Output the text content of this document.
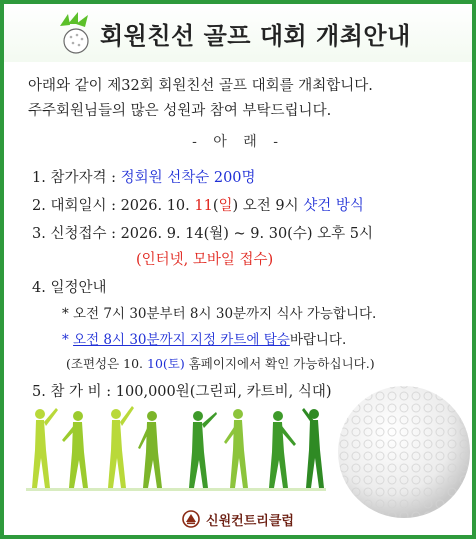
회원친선 골프 대회 개최안내
아래와 같이 제32회 회원친선 골프 대회를 개최합니다.
주주회원님들의 많은 성원과 참여 부탁드립니다.
- 아 래 -
1. 참가자격 : 정회원 선착순 200명
2. 대회일시 : 2026. 10. 11(일) 오전 9시 샷건 방식
3. 신청접수 : 2026. 9. 14(월) ~ 9. 30(수) 오후 5시
(인터넷, 모바일 접수)
4. 일정안내
* 오전 7시 30분부터 8시 30분까지 식사 가능합니다.
* 오전 8시 30분까지 지정 카트에 탑승바랍니다.
(조편성은 10. 10(토) 홈페이지에서 확인 가능하십니다.)
5. 참 가 비 : 100,000원(그린피, 카트비, 식대)
신원컨트리클럽
